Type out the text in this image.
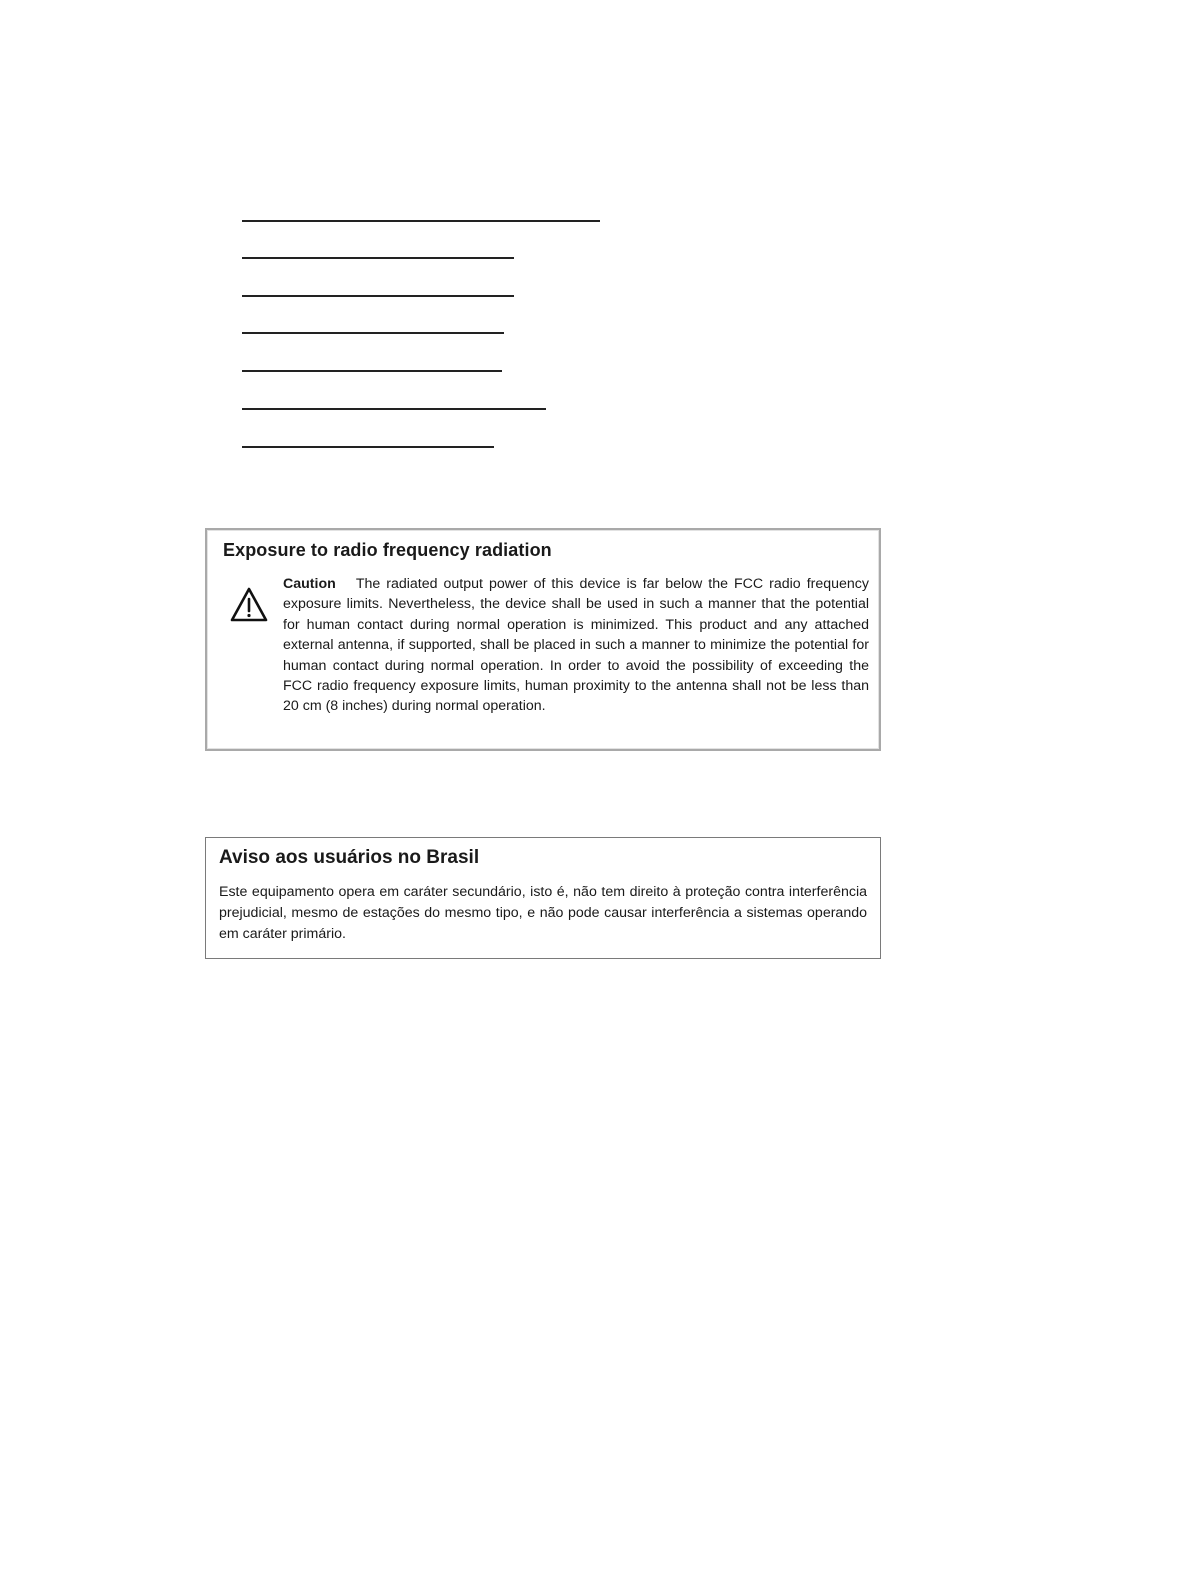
Exposure to radio frequency radiation
Caution The radiated output power of this device is far below the FCC radio frequency exposure limits. Nevertheless, the device shall be used in such a manner that the potential for human contact during normal operation is minimized. This product and any attached external antenna, if supported, shall be placed in such a manner to minimize the potential for human contact during normal operation. In order to avoid the possibility of exceeding the FCC radio frequency exposure limits, human proximity to the antenna shall not be less than 20 cm (8 inches) during normal operation.
Aviso aos usuários no Brasil
Este equipamento opera em caráter secundário, isto é, não tem direito à proteção contra interferência prejudicial, mesmo de estações do mesmo tipo, e não pode causar interferência a sistemas operando em caráter primário.
